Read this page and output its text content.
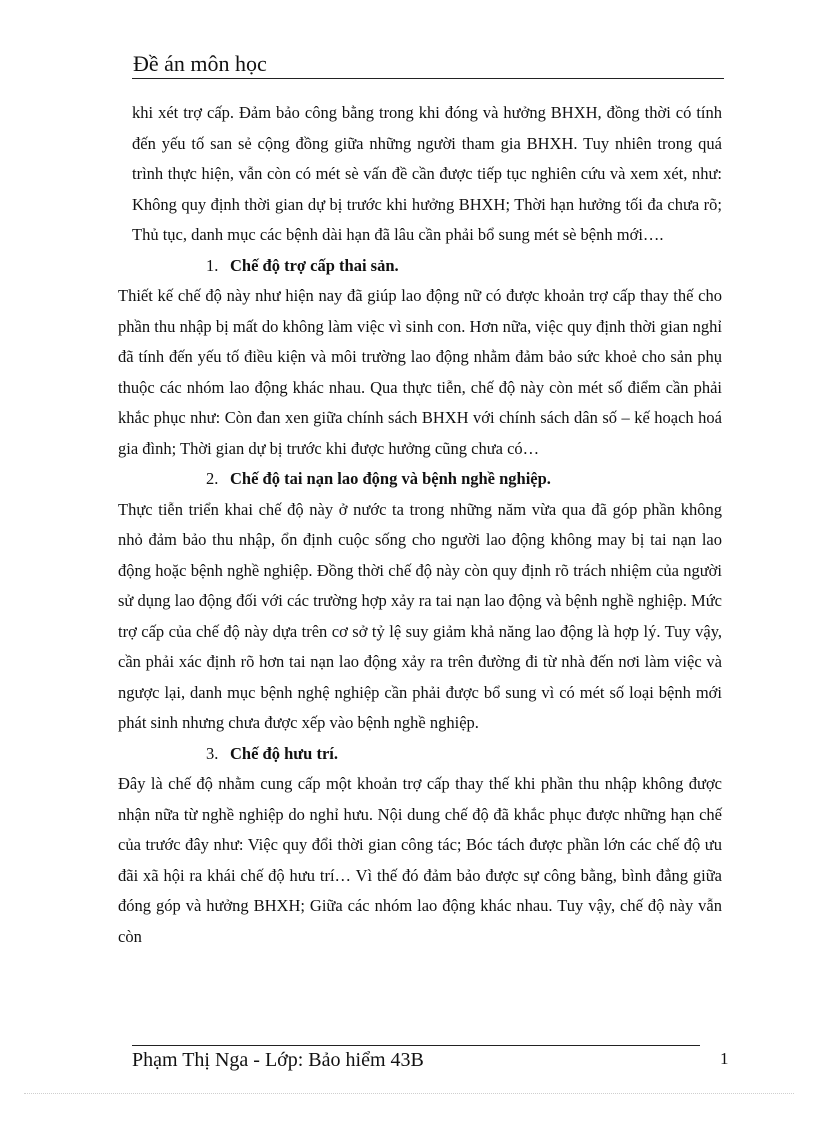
Đề án môn học

khi xét trợ cấp. Đảm bảo công bằng trong khi đóng và hưởng BHXH, đồng thời có tính đến yếu tố san sẻ cộng đồng giữa những người tham gia BHXH. Tuy nhiên trong quá trình thực hiện, vẫn còn có mét sè vấn đề cần được tiếp tục nghiên cứu và xem xét, như: Không quy định thời gian dự bị trước khi hưởng BHXH; Thời hạn hưởng tối đa chưa rõ; Thủ tục, danh mục các bệnh dài hạn đã lâu cần phải bổ sung mét sè bệnh mới….

1. Chế độ trợ cấp thai sản.

Thiết kế chế độ này như hiện nay đã giúp lao động nữ có được khoản trợ cấp thay thế cho phần thu nhập bị mất do không làm việc vì sinh con. Hơn nữa, việc quy định thời gian nghỉ đã tính đến yếu tố điều kiện và môi trường lao động nhằm đảm bảo sức khoẻ cho sản phụ thuộc các nhóm lao động khác nhau. Qua thực tiễn, chế độ này còn mét số điểm cần phải khắc phục như: Còn đan xen giữa chính sách BHXH với chính sách dân số – kế hoạch hoá gia đình; Thời gian dự bị trước khi được hưởng cũng chưa có…

2. Chế độ tai nạn lao động và bệnh nghề nghiệp.

Thực tiễn triển khai chế độ này ở nước ta trong những năm vừa qua đã góp phần không nhỏ đảm bảo thu nhập, ổn định cuộc sống cho người lao động không may bị tai nạn lao động hoặc bệnh nghề nghiệp. Đồng thời chế độ này còn quy định rõ trách nhiệm của người sử dụng lao động đối với các trường hợp xảy ra tai nạn lao động và bệnh nghề nghiệp. Mức trợ cấp của chế độ này dựa trên cơ sở tỷ lệ suy giảm khả năng lao động là hợp lý. Tuy vậy, cần phải xác định rõ hơn tai nạn lao động xảy ra trên đường đi từ nhà đến nơi làm việc và ngược lại, danh mục bệnh nghệ nghiệp cần phải được bổ sung vì có mét số loại bệnh mới phát sinh nhưng chưa được xếp vào bệnh nghề nghiệp.

3. Chế độ hưu trí.

Đây là chế độ nhằm cung cấp một khoản trợ cấp thay thế khi phần thu nhập không được nhận nữa từ nghề nghiệp do nghỉ hưu. Nội dung chế độ đã khắc phục được những hạn chế của trước đây như: Việc quy đổi thời gian công tác; Bóc tách được phần lớn các chế độ ưu đãi xã hội ra khái chế độ hưu trí… Vì thế đó đảm bảo được sự công bằng, bình đẳng giữa đóng góp và hưởng BHXH; Giữa các nhóm lao động khác nhau. Tuy vậy, chế độ này vẫn còn

Phạm Thị Nga - Lớp: Bảo hiểm 43B	1
